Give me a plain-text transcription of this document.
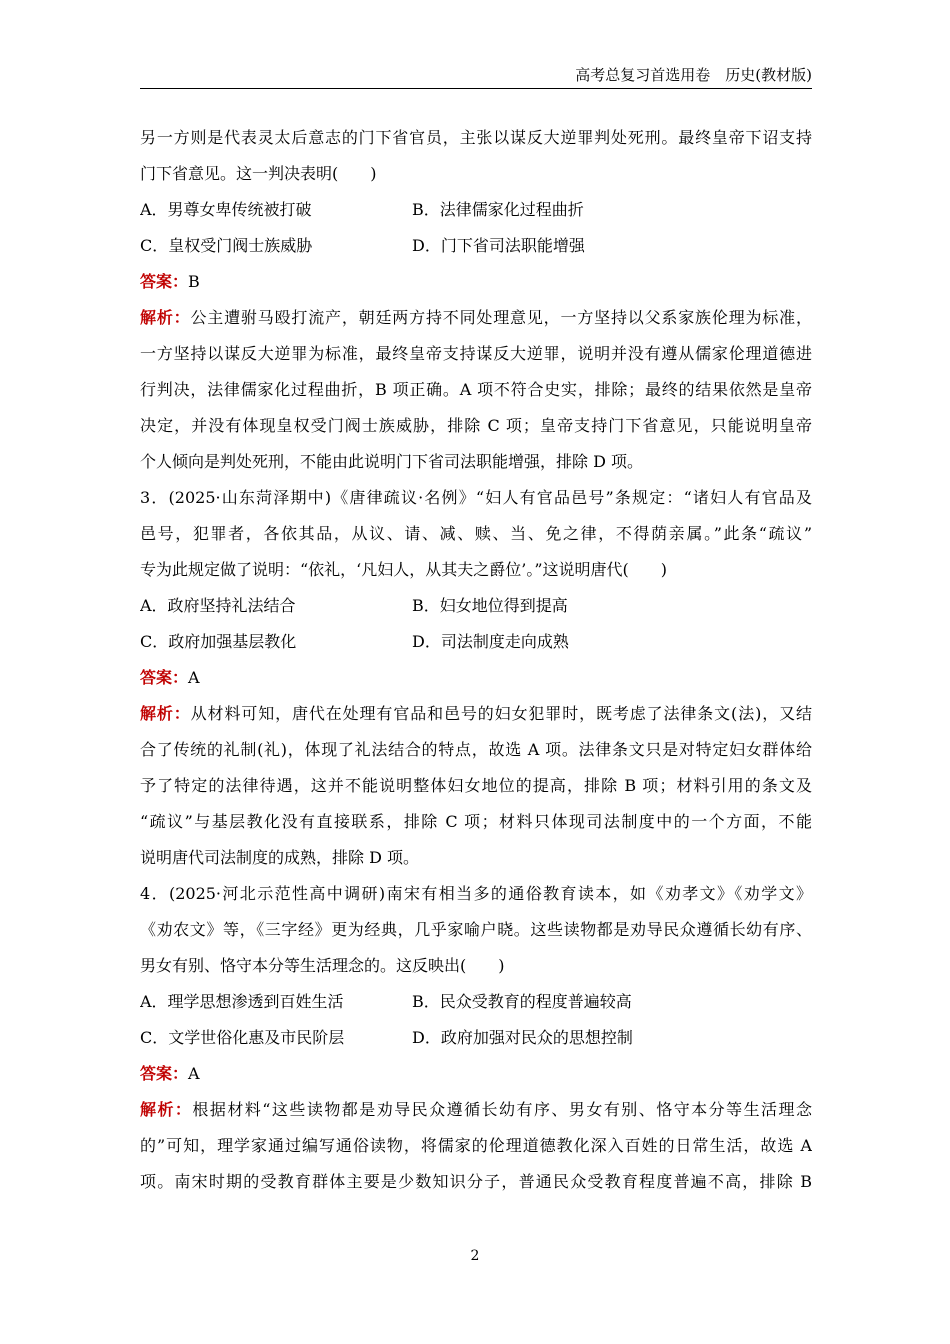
高考总复习首选用卷　历史(教材版)
另一方则是代表灵太后意志的门下省官员，主张以谋反大逆罪判处死刑。最终皇帝下诏支持
门下省意见。这一判决表明(　　)
A．男尊女卑传统被打破	B．法律儒家化过程曲折
C．皇权受门阀士族威胁	D．门下省司法职能增强
答案：B
解析：公主遭驸马殴打流产，朝廷两方持不同处理意见，一方坚持以父系家族伦理为标准，
一方坚持以谋反大逆罪为标准，最终皇帝支持谋反大逆罪，说明并没有遵从儒家伦理道德进
行判决，法律儒家化过程曲折，B 项正确。A 项不符合史实，排除；最终的结果依然是皇帝
决定，并没有体现皇权受门阀士族威胁，排除 C 项；皇帝支持门下省意见，只能说明皇帝
个人倾向是判处死刑，不能由此说明门下省司法职能增强，排除 D 项。
3．(2025·山东菏泽期中)《唐律疏议·名例》“妇人有官品邑号”条规定：“诸妇人有官品及
邑号，犯罪者，各依其品，从议、请、减、赎、当、免之律，不得荫亲属。”此条“疏议”
专为此规定做了说明：“依礼，‘凡妇人，从其夫之爵位’。”这说明唐代(　　)
A．政府坚持礼法结合	B．妇女地位得到提高
C．政府加强基层教化	D．司法制度走向成熟
答案：A
解析：从材料可知，唐代在处理有官品和邑号的妇女犯罪时，既考虑了法律条文(法)，又结
合了传统的礼制(礼)，体现了礼法结合的特点，故选 A 项。法律条文只是对特定妇女群体给
予了特定的法律待遇，这并不能说明整体妇女地位的提高，排除 B 项；材料引用的条文及
“疏议”与基层教化没有直接联系，排除 C 项；材料只体现司法制度中的一个方面，不能
说明唐代司法制度的成熟，排除 D 项。
4．(2025·河北示范性高中调研)南宋有相当多的通俗教育读本，如《劝孝文》《劝学文》
《劝农文》等，《三字经》更为经典，几乎家喻户晓。这些读物都是劝导民众遵循长幼有序、
男女有别、恪守本分等生活理念的。这反映出(　　)
A．理学思想渗透到百姓生活	B．民众受教育的程度普遍较高
C．文学世俗化惠及市民阶层	D．政府加强对民众的思想控制
答案：A
解析：根据材料“这些读物都是劝导民众遵循长幼有序、男女有别、恪守本分等生活理念
的”可知，理学家通过编写通俗读物，将儒家的伦理道德教化深入百姓的日常生活，故选 A
项。南宋时期的受教育群体主要是少数知识分子，普通民众受教育程度普遍不高，排除 B
2
